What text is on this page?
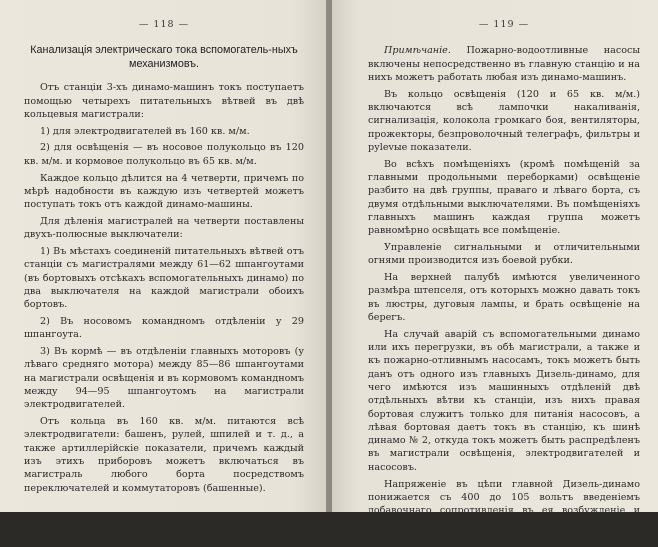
— 118 —
Канализація электрическаго тока вспомогатель-ныхъ механизмовъ.

Отъ станціи 3-хъ динамо-машинъ токъ поступаетъ помощью четырехъ питательныхъ вѣтвей въ двѣ кольцевыя магистрали:

1) для электродвигателей въ 160 кв. м/м.

2) для освѣщенія — въ носовое полукольцо въ 120 кв. м/м. и кормовое полукольцо въ 65 кв. м/м.

Каждое кольцо дѣлится на 4 четверти, причемъ по мѣрѣ надобности въ каждую изъ четвертей можетъ поступать токъ отъ каждой динамо-машины.

Для дѣленія магистралей на четверти поставлены двухъ-полюсные выключатели:

1) Въ мѣстахъ соединеній питательныхъ вѣтвей отъ станціи съ магистралями между 61—62 шпангоутами (въ бортовыхъ отсѣкахъ вспомогательныхъ динамо) по два выключателя на каждой магистрали обоихъ бортовъ.

2) Въ носовомъ командномъ отдѣленіи у 29 шпангоута.

3) Въ кормѣ — въ отдѣленіи главныхъ моторовъ (у лѣваго средняго мотора) между 85—86 шпангоутами на магистрали освѣщенія и въ кормовомъ командномъ между 94—95 шпангоутомъ на магистрали электродвигателей.

Отъ кольца въ 160 кв. м/м. питаются всѣ электродвигатели: башенъ, рулей, шпилей и т. д., а также артиллерійскіе показатели, причемъ каждый изъ этихъ приборовъ можетъ включаться въ магистраль любого борта посредствомъ переключателей и коммутаторовъ (башенные).

— 119 —

Примѣчаніе. Пожарно-водоотливные насосы включены непосредственно въ главную станцію и на нихъ можетъ работать любая изъ динамо-машинъ.

Въ кольцо освѣщенія (120 и 65 кв. м/м.) включаются всѣ лампочки накаливанія, сигнализація, колокола громкаго боя, вентиляторы, прожекторы, безпроволочный телеграфъ, фильтры и руlevые показатели.

Во всѣхъ помѣщеніяхъ (кромѣ помѣщеній за главными продольными переборками) освѣщеніе разбито на двѣ группы, праваго и лѣваго борта, съ двумя отдѣльными выключателями. Въ помѣщеніяхъ главныхъ машинъ каждая группа можетъ равномѣрно освѣщать все помѣщеніе.

Управленіе сигнальными и отличительными огнями производится изъ боевой рубки.

На верхней палубѣ имѣются увеличенного размѣра штепселя, отъ которыхъ можно давать токъ въ люстры, дуговыя лампы, и брать освѣщеніе на берегъ.

На случай аварій съ вспомогательными динамо или ихъ перегрузки, въ обѣ магистрали, а также и къ пожарно-отливнымъ насосамъ, токъ можетъ быть данъ отъ одного изъ главныхъ Дизель-динамо, для чего имѣются изъ машинныхъ отдѣленій двѣ отдѣльныхъ вѣтви къ станціи, изъ нихъ правая бортовая служитъ только для питанія насосовъ, а лѣвая бортовая даетъ токъ въ станцію, къ шинѣ динамо № 2, откуда токъ можетъ быть распредѣленъ въ магистрали освѣщенія, электродвигателей и насосовъ.

Напряженіе въ цѣпи главной Дизель-динамо понижается съ 400 до 105 вольтъ введеніемъ добавочнаго сопротивленія въ ея возбужденіе и регулируется реостатомъ при станціи главныхъ динамо.
